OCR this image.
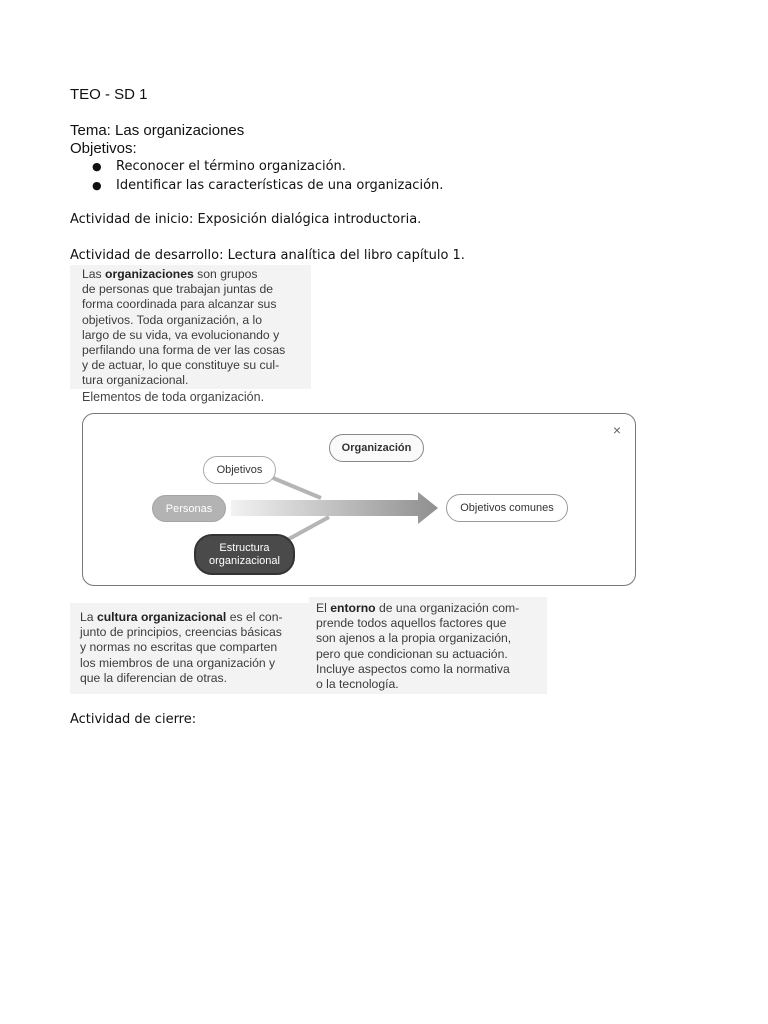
TEO - SD 1
Tema: Las organizaciones
Objetivos:
●	Reconocer el término organización.
●	Identificar las características de una organización.
Actividad de inicio: Exposición dialógica introductoria.
Actividad de desarrollo: Lectura analítica del libro capítulo 1.
Las organizaciones son grupos
de personas que trabajan juntas de
forma coordinada para alcanzar sus
objetivos. Toda organización, a lo
largo de su vida, va evolucionando y
perfilando una forma de ver las cosas
y de actuar, lo que constituye su cul-
tura organizacional.
Elementos de toda organización.
×
Organización
Objetivos
Personas	Objetivos comunes
Estructura
organizacional
La cultura organizacional es el con-
junto de principios, creencias básicas
y normas no escritas que comparten
los miembros de una organización y
que la diferencian de otras.
El entorno de una organización com-
prende todos aquellos factores que
son ajenos a la propia organización,
pero que condicionan su actuación.
Incluye aspectos como la normativa
o la tecnología.
Actividad de cierre:
